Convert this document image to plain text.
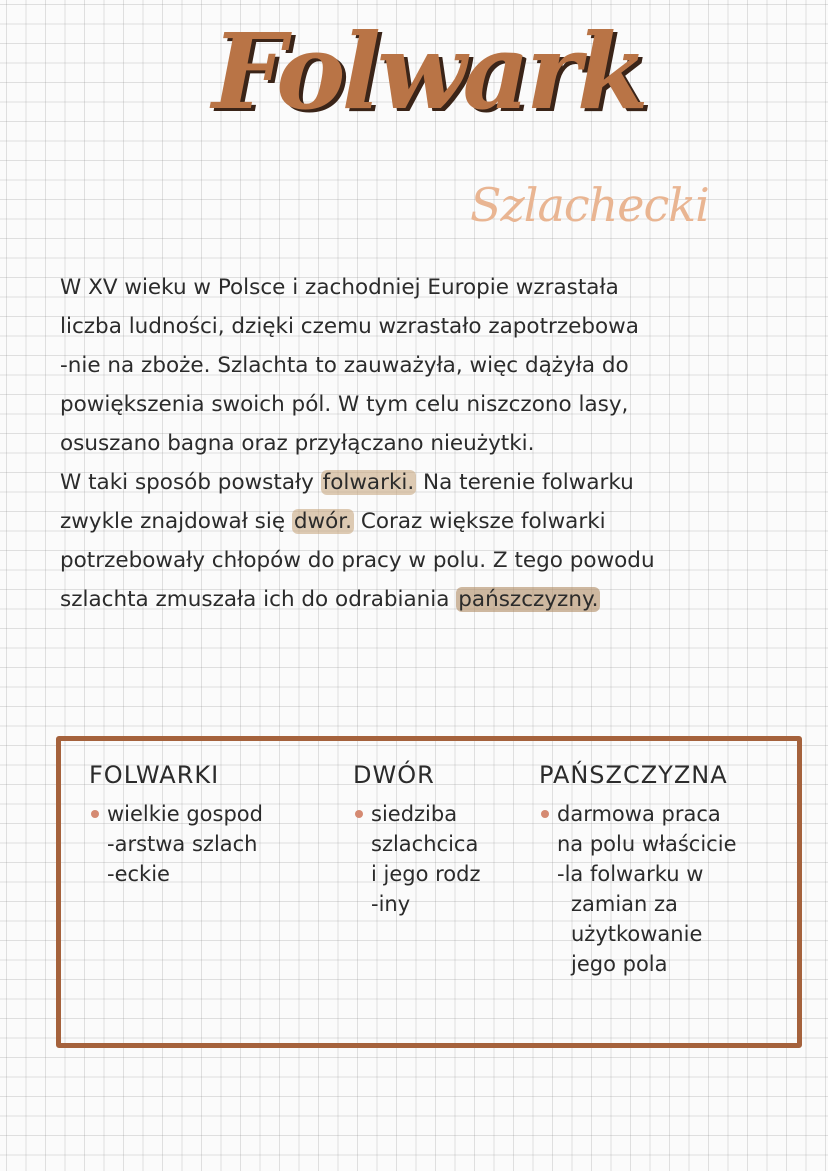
Folwark
Szlachecki
W XV wieku w Polsce i zachodniej Europie wzrastała
liczba ludności, dzięki czemu wzrastało zapotrzebowa
-nie na zboże. Szlachta to zauważyła, więc dążyła do
powiększenia swoich pól. W tym celu niszczono lasy,
osuszano bagna oraz przyłączano nieużytki.
W taki sposób powstały folwarki. Na terenie folwarku
zwykle znajdował się dwór. Coraz większe folwarki
potrzebowały chłopów do pracy w polu. Z tego powodu
szlachta zmuszała ich do odrabiania pańszczyzny.
FOLWARKI
wielkie gospod
-arstwa szlach
-eckie
DWÓR
siedziba
szlachcica
i jego rodz
-iny
PAŃSZCZYZNA
darmowa praca
na polu właścicie
-la folwarku w
zamian za
użytkowanie
jego pola
